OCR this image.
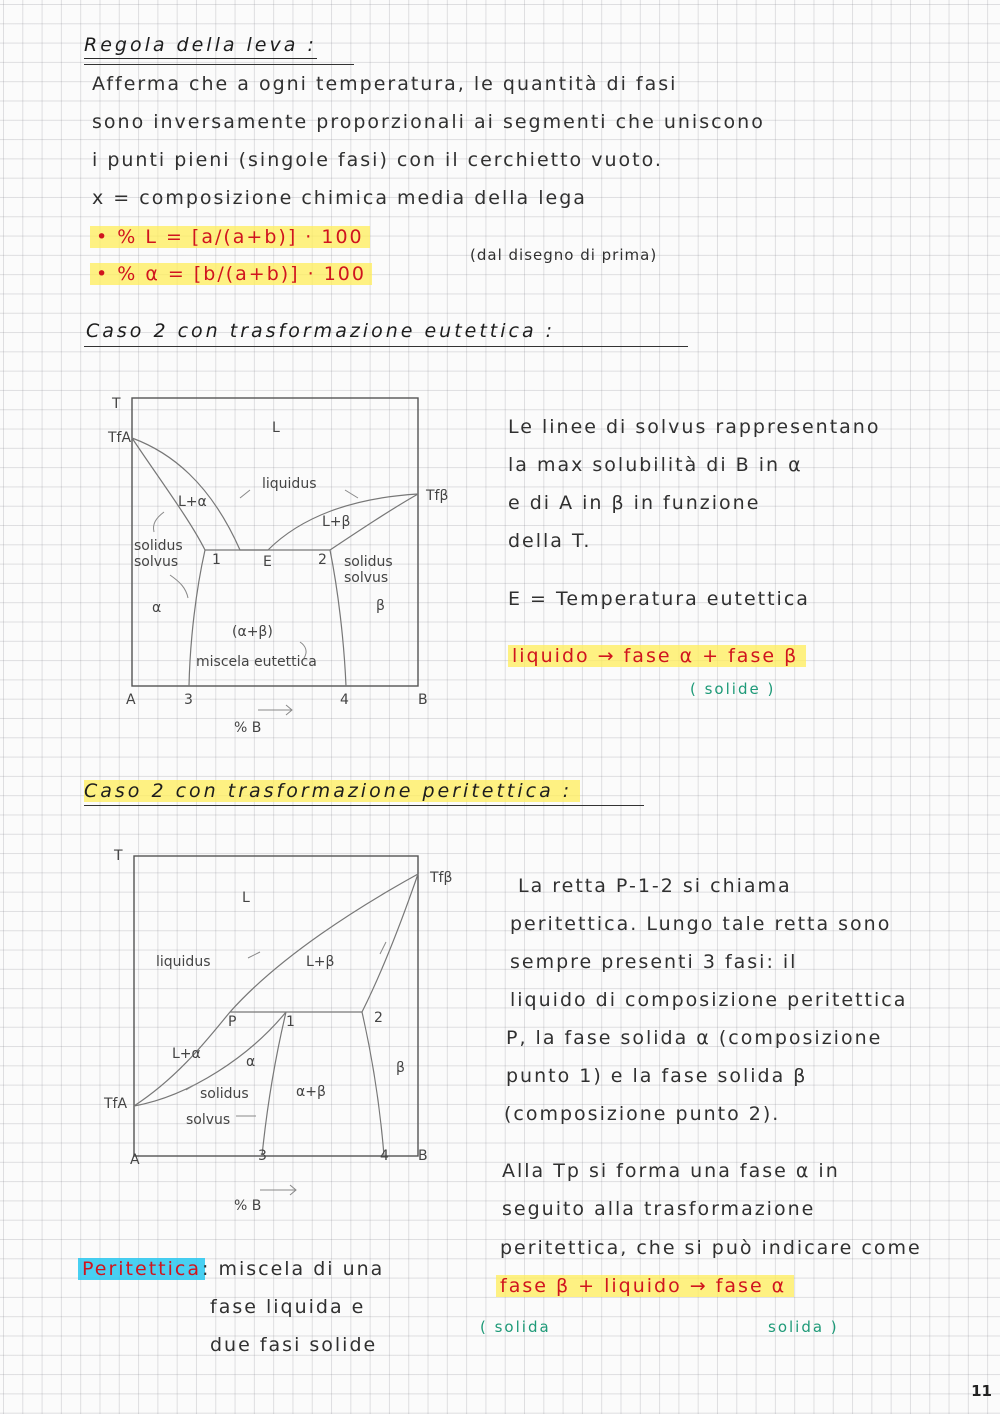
Regola della leva :
Afferma che a ogni temperatura, le quantità di fasi
sono inversamente proporzionali ai segmenti che uniscono
i punti pieni (singole fasi) con il cerchietto vuoto.
x = composizione chimica media della lega
• % L = [a/(a+b)] · 100
• % α = [b/(a+b)] · 100
(dal disegno di prima)
Caso 2 con trasformazione eutettica :
T
TfA
Tfβ
L
liquidus
L+α
L+β
solidus
solvus	solidus
solvus
1	E	2
α	β
(α+β)
miscela eutettica
A	3	4	B
% B
Le linee di solvus rappresentano
la max solubilità di B in α
e di A in β in funzione
della T.
E = Temperatura eutettica
liquido → fase α + fase β
( solide )
Caso 2 con trasformazione peritettica :
T
Tfβ
L
liquidus	L+β
P	1	2
L+α	α	β
α+β
solidus
solvus
TfA
A	3	4 B
% B
La retta P-1-2 si chiama
peritettica. Lungo tale retta sono
sempre presenti 3 fasi: il
liquido di composizione peritettica
P, la fase solida α (composizione
punto 1) e la fase solida β
(composizione punto 2).
Alla Tp si forma una fase α in
seguito alla trasformazione
peritettica, che si può indicare come
fase β + liquido → fase α
( solida	solida )
Peritettica : miscela di una
fase liquida e
due fasi solide
11
